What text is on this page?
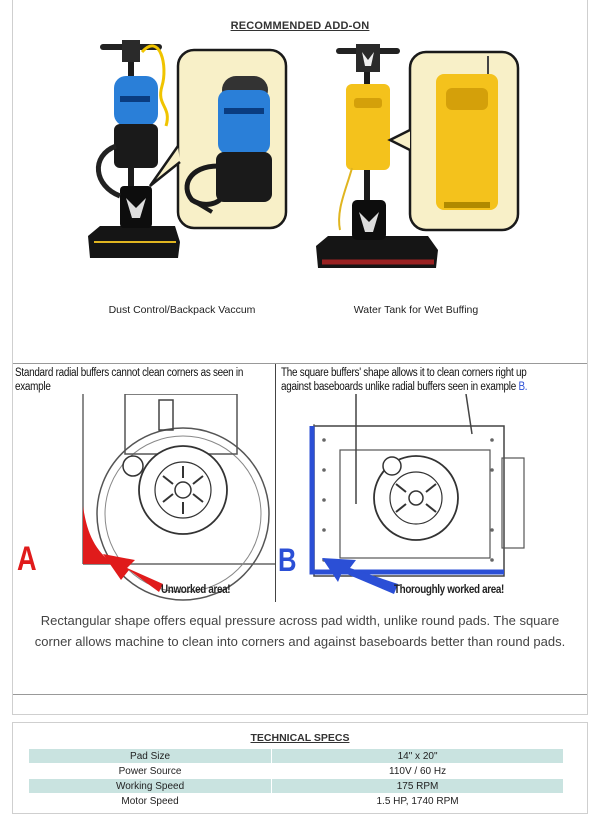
RECOMMENDED ADD-ON
Dust Control/Backpack Vaccum	Water Tank for Wet Buffing
Standard radial buffers cannot clean corners as seen in example

The square buffers' shape allows it to clean corners right up
against baseboards unlike radial buffers seen in example B.
A
Unworked area!
B
Thoroughly worked area!
Rectangular shape offers equal pressure across pad width, unlike round pads. The square corner allows machine to clean into corners and against baseboards better than round pads.
TECHNICAL SPECS
Pad Size	14" x 20"
Power Source	110V / 60 Hz
Working Speed	175 RPM
Motor Speed	1.5 HP, 1740 RPM
